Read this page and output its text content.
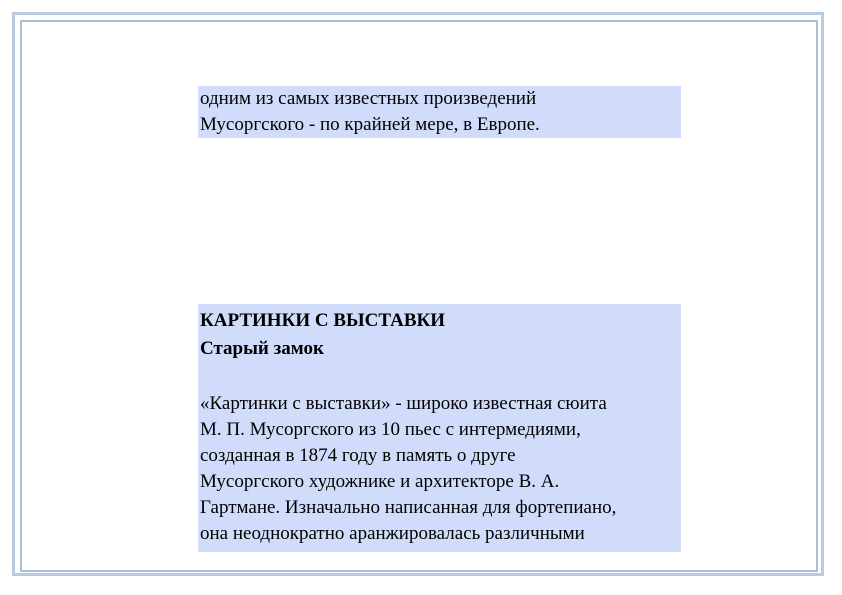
одним из самых известных произведений
Мусоргского - по крайней мере, в Европе.
КАРТИНКИ С ВЫСТАВКИ
Старый замок
«Картинки с выставки» - широко известная сюита
М. П. Мусоргского из 10 пьес с интермедиями,
созданная в 1874 году в память о друге
Мусоргского художнике и архитекторе В. А.
Гартмане. Изначально написанная для фортепиано,
она неоднократно аранжировалась различными
